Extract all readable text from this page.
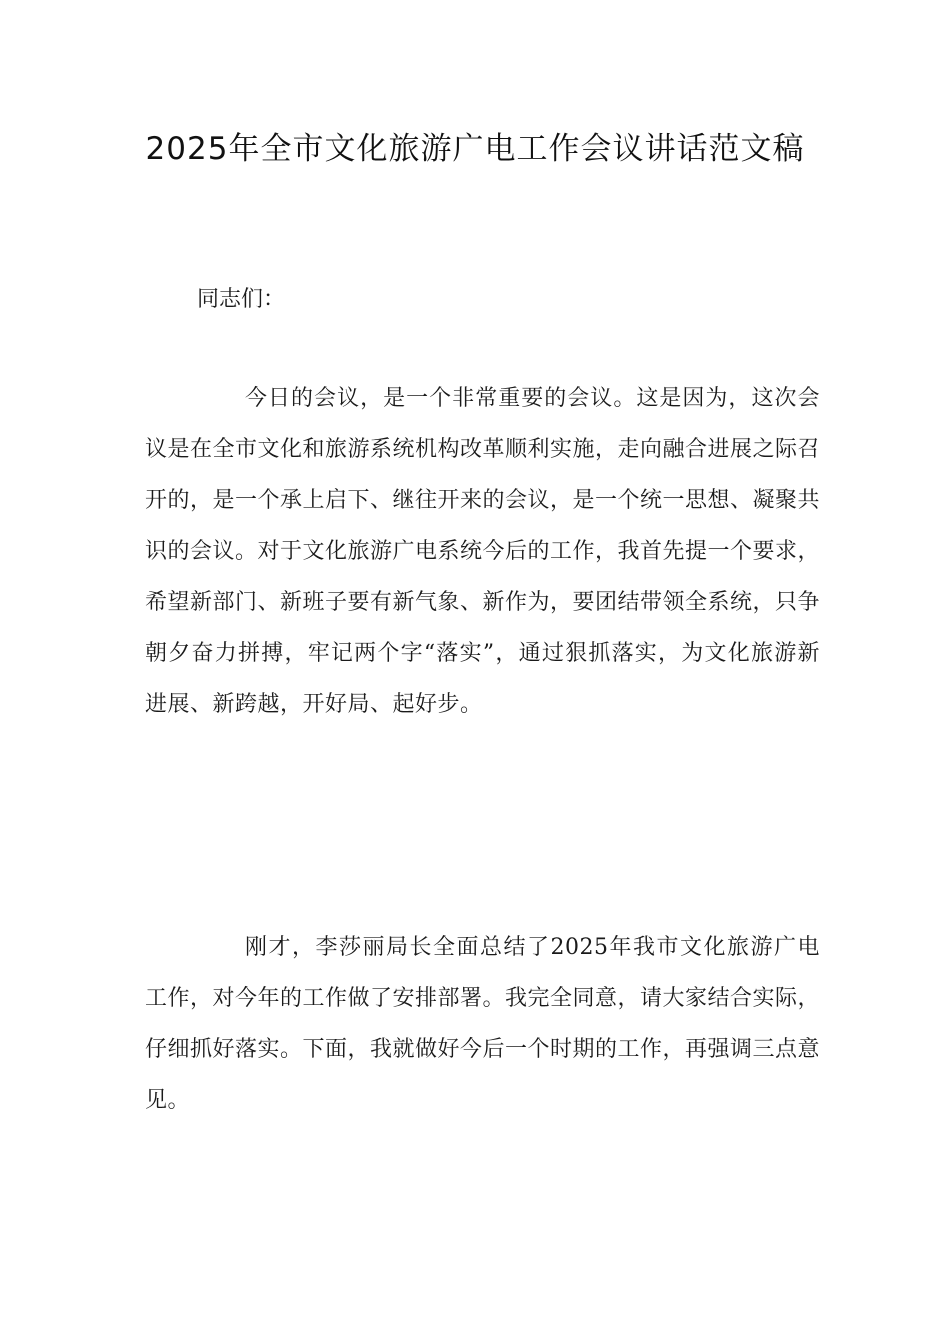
2025年全市文化旅游广电工作会议讲话范文稿

同志们：

今日的会议，是一个非常重要的会议。这是因为，这次会议是在全市文化和旅游系统机构改革顺利实施，走向融合进展之际召开的，是一个承上启下、继往开来的会议，是一个统一思想、凝聚共识的会议。对于文化旅游广电系统今后的工作，我首先提一个要求，希望新部门、新班子要有新气象、新作为，要团结带领全系统，只争朝夕奋力拼搏，牢记两个字“落实”，通过狠抓落实，为文化旅游新进展、新跨越，开好局、起好步。

刚才，李莎丽局长全面总结了2025年我市文化旅游广电工作，对今年的工作做了安排部署。我完全同意，请大家结合实际，仔细抓好落实。下面，我就做好今后一个时期的工作，再强调三点意见。
